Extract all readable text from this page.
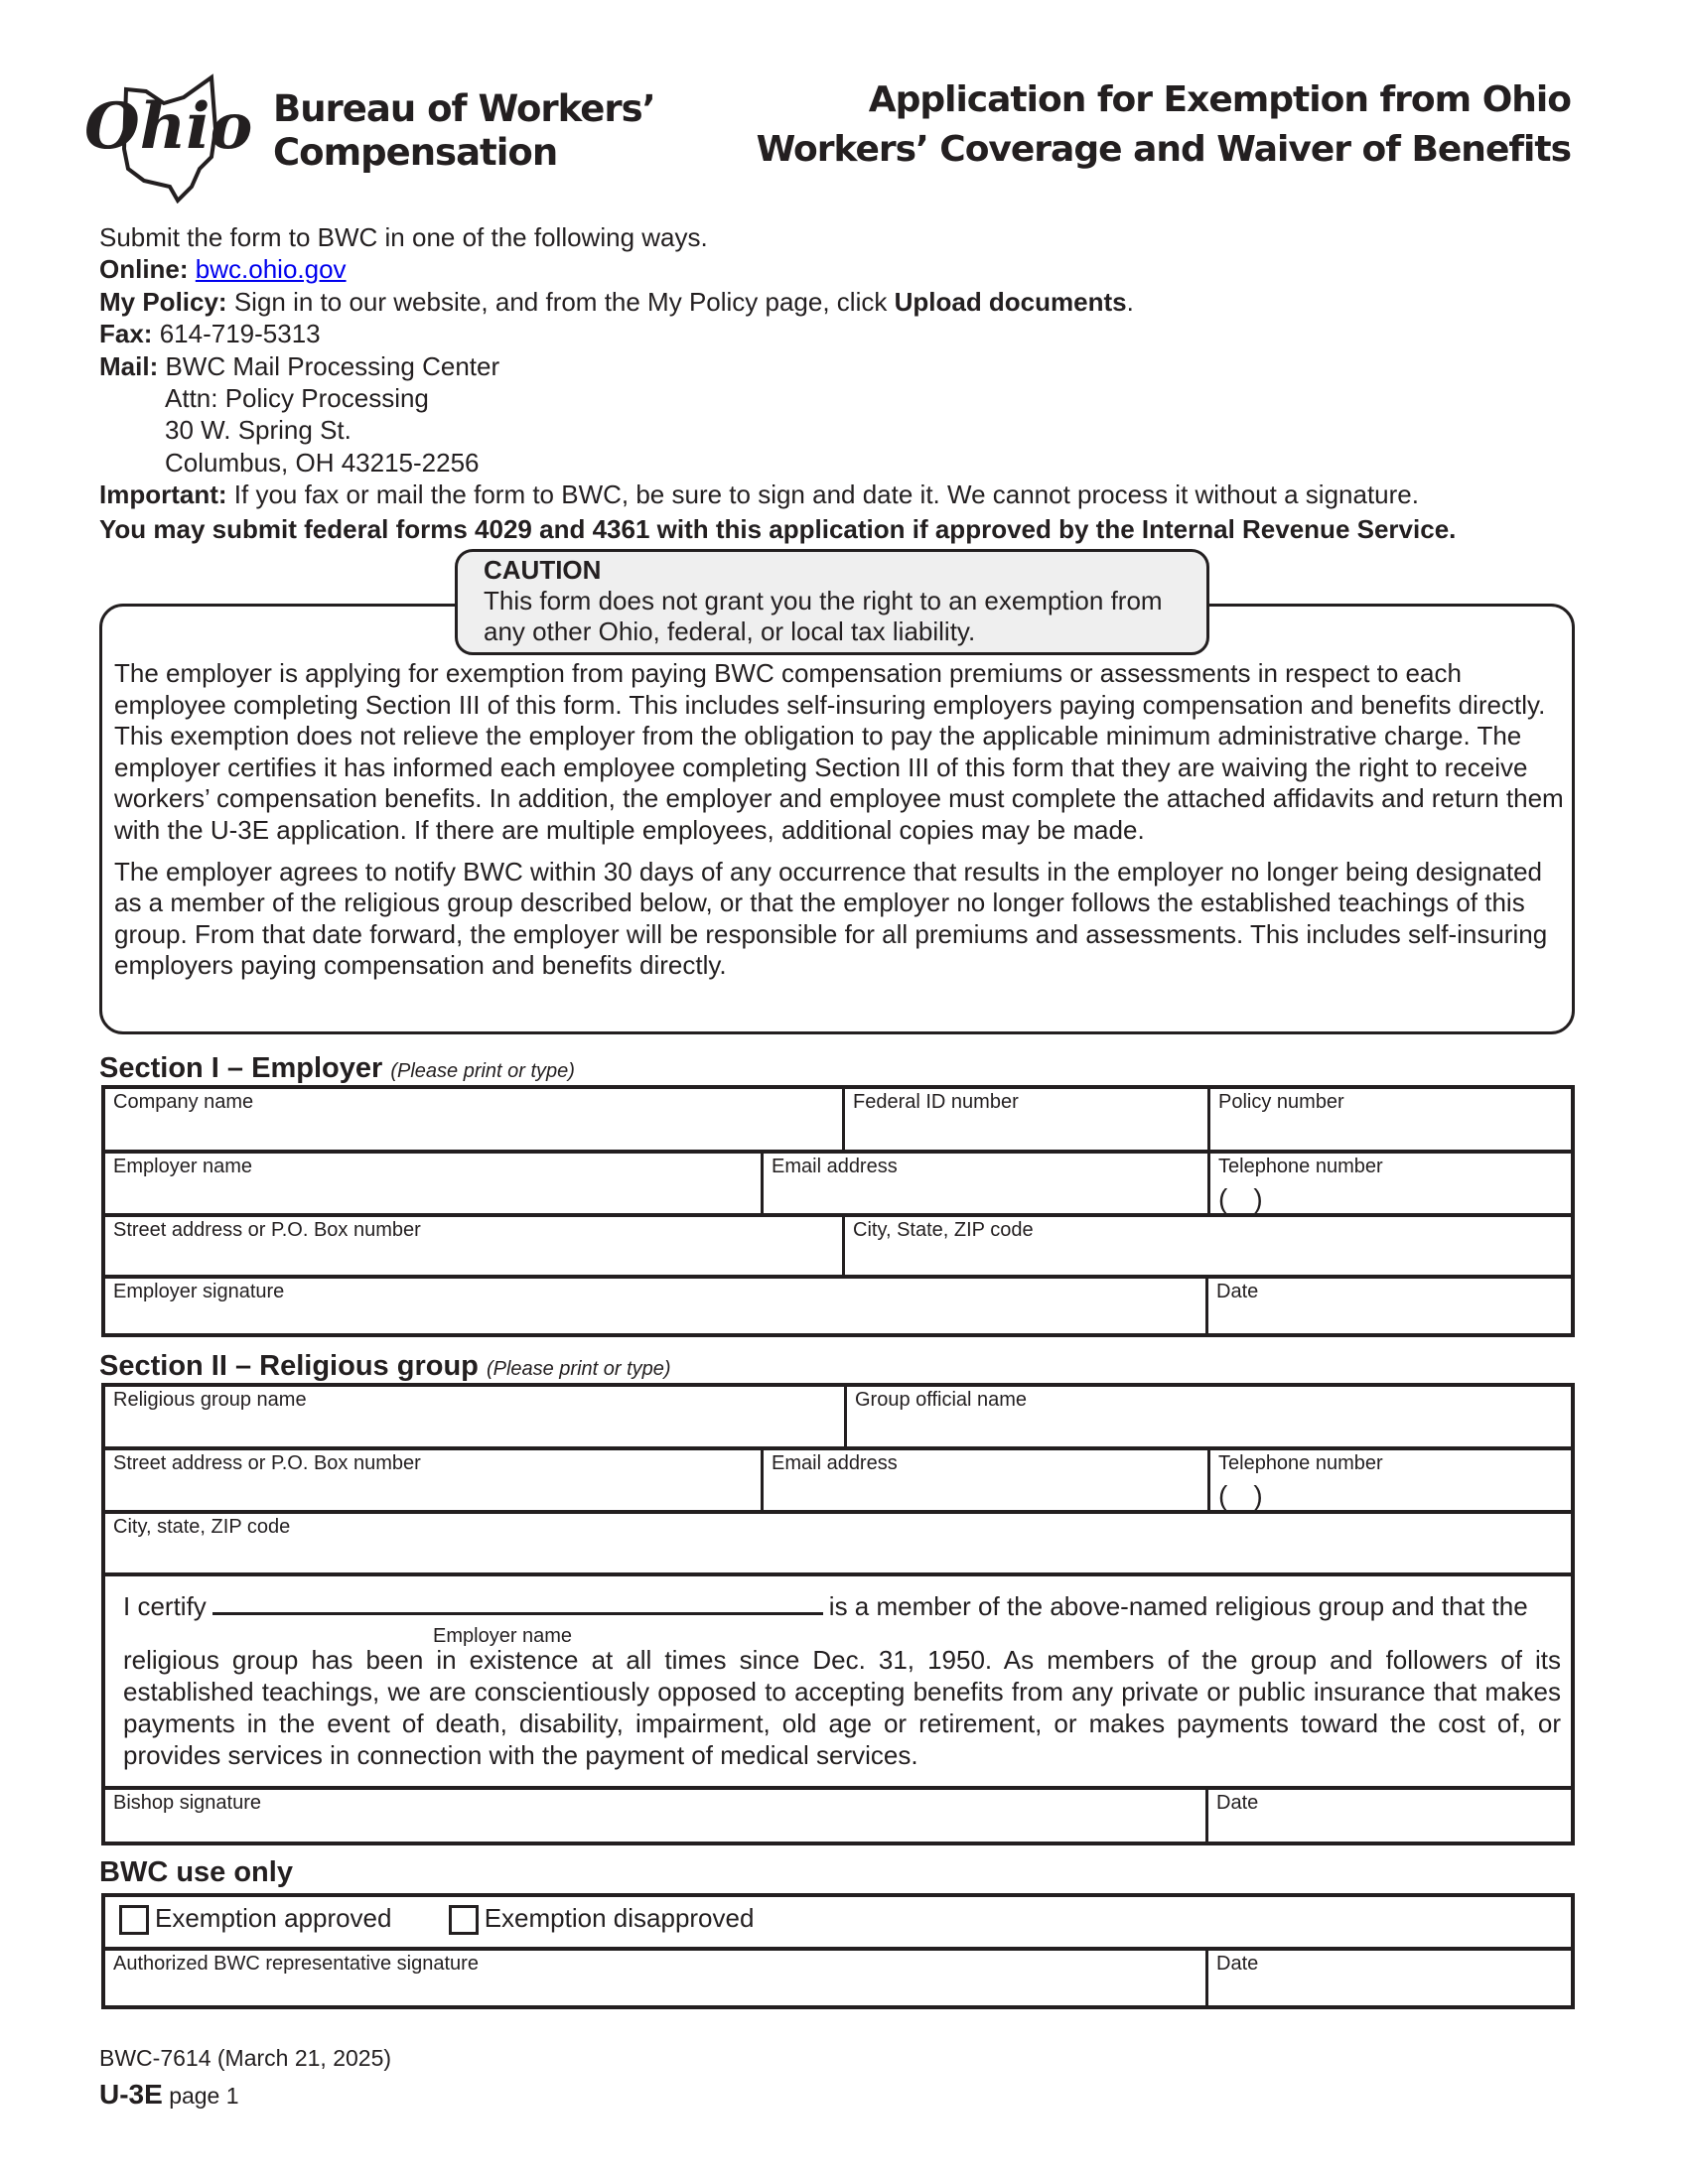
Ohio Bureau of Workers’
Compensation
Application for Exemption from Ohio
Workers’ Coverage and Waiver of Benefits
Submit the form to BWC in one of the following ways.
Online: bwc.ohio.gov
My Policy: Sign in to our website, and from the My Policy page, click Upload documents.
Fax: 614-719-5313
Mail: BWC Mail Processing Center
Attn: Policy Processing
30 W. Spring St.
Columbus, OH 43215-2256
Important: If you fax or mail the form to BWC, be sure to sign and date it. We cannot process it without a signature.
You may submit federal forms 4029 and 4361 with this application if approved by the Internal Revenue Service.
CAUTION
This form does not grant you the right to an exemption from any other Ohio, federal, or local tax liability.

The employer is applying for exemption from paying BWC compensation premiums or assessments in respect to each employee completing Section III of this form. This includes self-insuring employers paying compensation and benefits directly. This exemption does not relieve the employer from the obligation to pay the applicable minimum administrative charge. The employer certifies it has informed each employee completing Section III of this form that they are waiving the right to receive workers’ compensation benefits. In addition, the employer and employee must complete the attached affidavits and return them with the U-3E application. If there are multiple employees, additional copies may be made.

The employer agrees to notify BWC within 30 days of any occurrence that results in the employer no longer being designated as a member of the religious group described below, or that the employer no longer follows the established teachings of this group. From that date forward, the employer will be responsible for all premiums and assessments. This includes self-insuring employers paying compensation and benefits directly.

Section I – Employer (Please print or type)
Company name	Federal ID number	Policy number
Employer name	Email address	Telephone number
()
Street address or P.O. Box number	City, State, ZIP code
Employer signature	Date
Section II – Religious group (Please print or type)
Religious group name	Group official name
Street address or P.O. Box number	Email address	Telephone number
()
City, state, ZIP code
I certify	is a member of the above-named religious group and that the
Employer name
religious group has been in existence at all times since Dec. 31, 1950. As members of the group and followers of its established teachings, we are conscientiously opposed to accepting benefits from any private or public insurance that makes payments in the event of death, disability, impairment, old age or retirement, or makes payments toward the cost of, or provides services in connection with the payment of medical services.
Bishop signature	Date
BWC use only
Exemption approved	Exemption disapproved
Authorized BWC representative signature	Date
BWC-7614 (March 21, 2025)
U-3E page 1
